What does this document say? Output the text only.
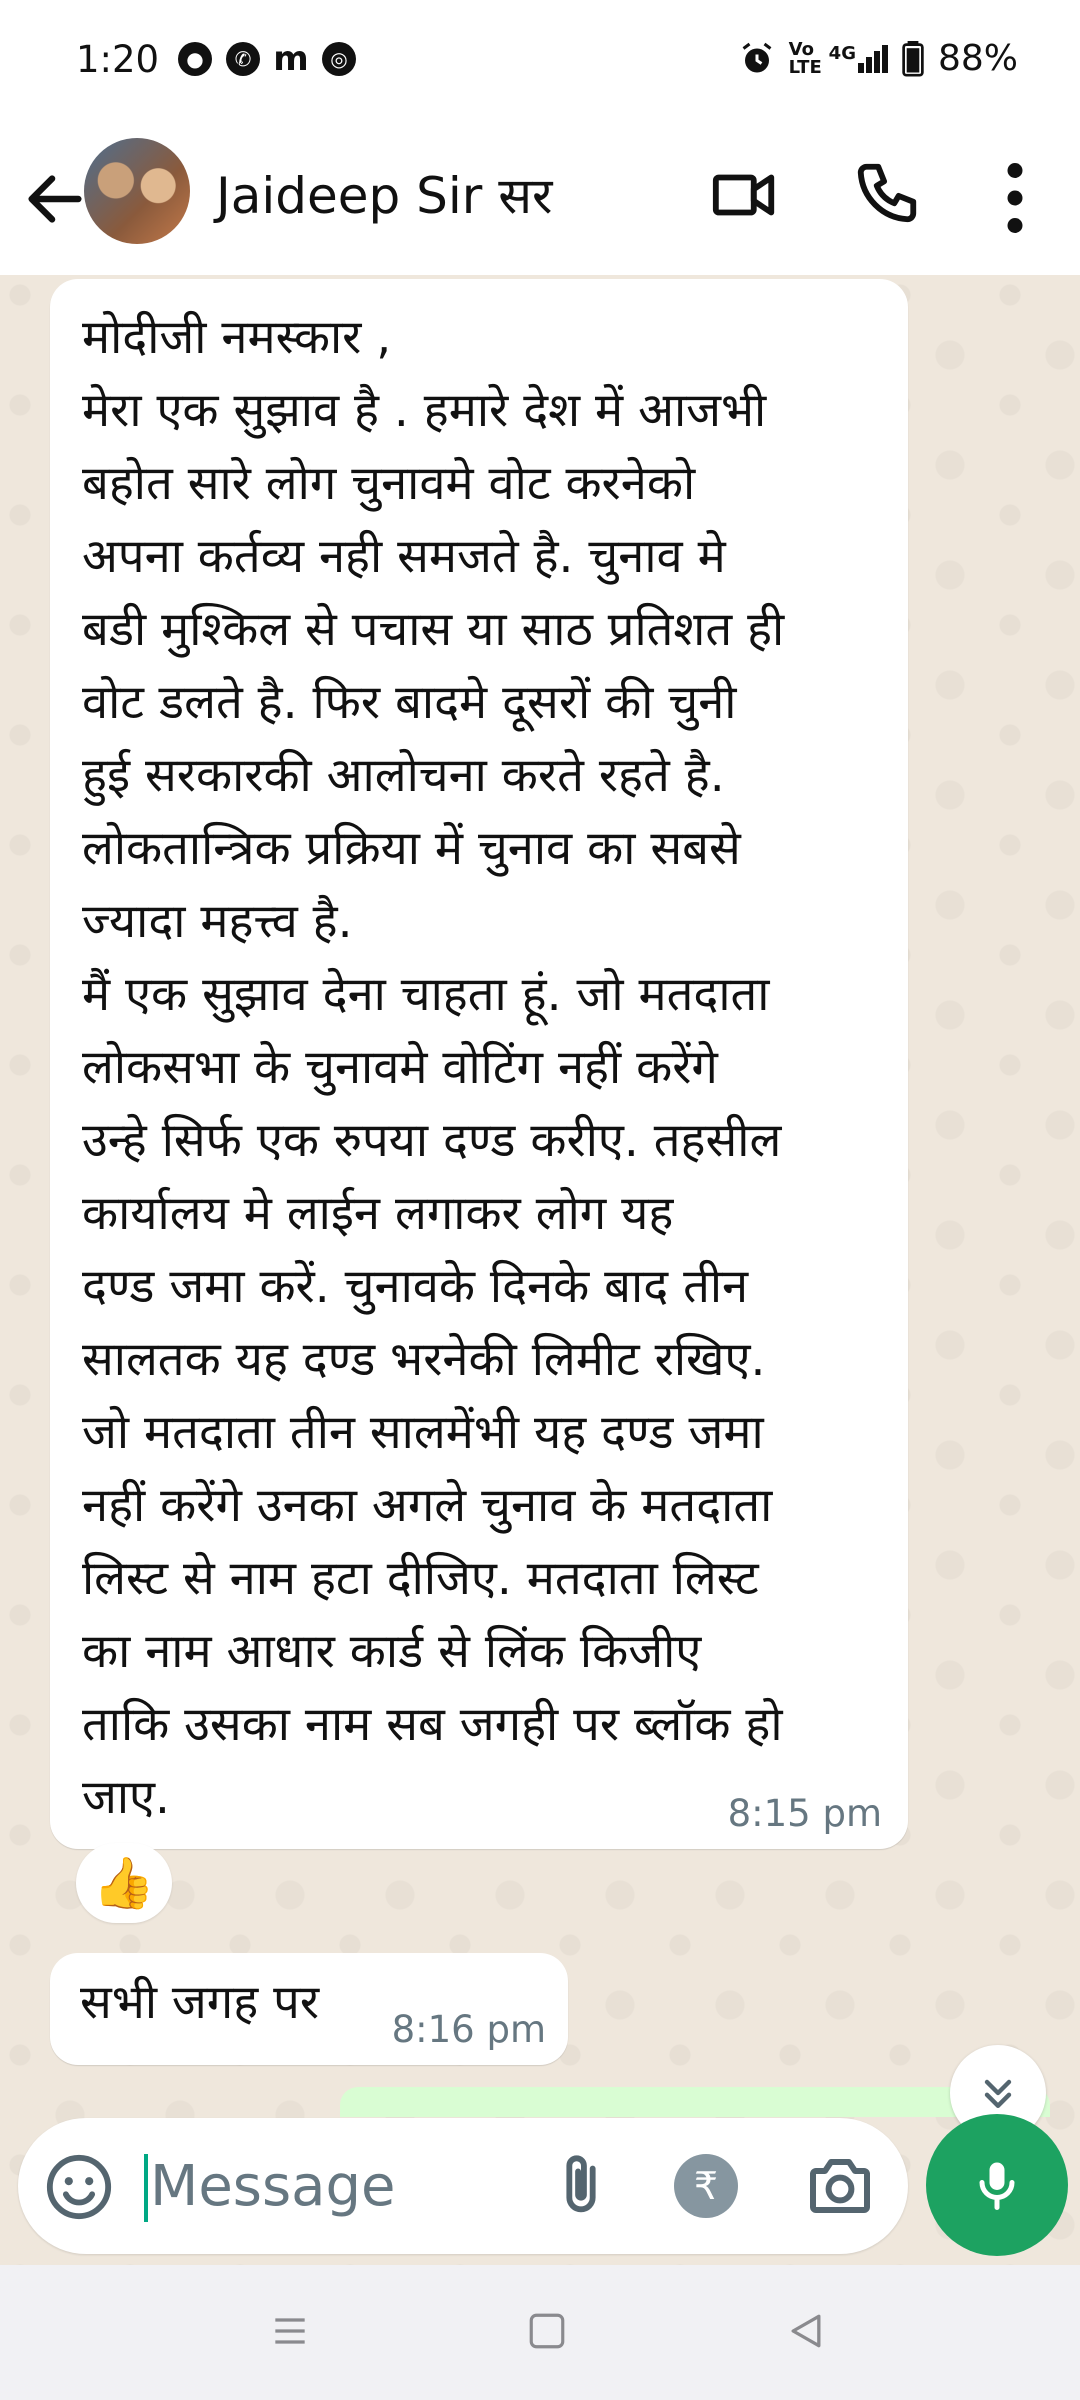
1:20	●	✆ m	◎	Vo LTE
4G 88%
Jaideep Sir सर
मोदीजी नमस्कार ,
मेरा एक सुझाव है . हमारे देश में आजभी
बहोत सारे लोग चुनावमे वोट करनेको
अपना कर्तव्य नही समजते है. चुनाव मे
बडी मुश्किल से पचास या साठ प्रतिशत ही
वोट डलते है. फिर बादमे दूसरों की चुनी
हुई सरकारकी आलोचना करते रहते है.
लोकतान्त्रिक प्रक्रिया में चुनाव का सबसे
ज्यादा महत्त्व है.
मैं एक सुझाव देना चाहता हूं. जो मतदाता
लोकसभा के चुनावमे वोटिंग नहीं करेंगे
उन्हे सिर्फ एक रुपया दण्ड करीए. तहसील
कार्यालय मे लाईन लगाकर लोग यह
दण्ड जमा करें. चुनावके दिनके बाद तीन
सालतक यह दण्ड भरनेकी लिमीट रखिए.
जो मतदाता तीन सालमेंभी यह दण्ड जमा
नहीं करेंगे उनका अगले चुनाव के मतदाता
लिस्ट से नाम हटा दीजिए. मतदाता लिस्ट
का नाम आधार कार्ड से लिंक किजीए
ताकि उसका नाम सब जगही पर ब्लॉक हो
जाए.	8:15 pm
👍
सभी जगह पर	8:16 pm
Message
₹
